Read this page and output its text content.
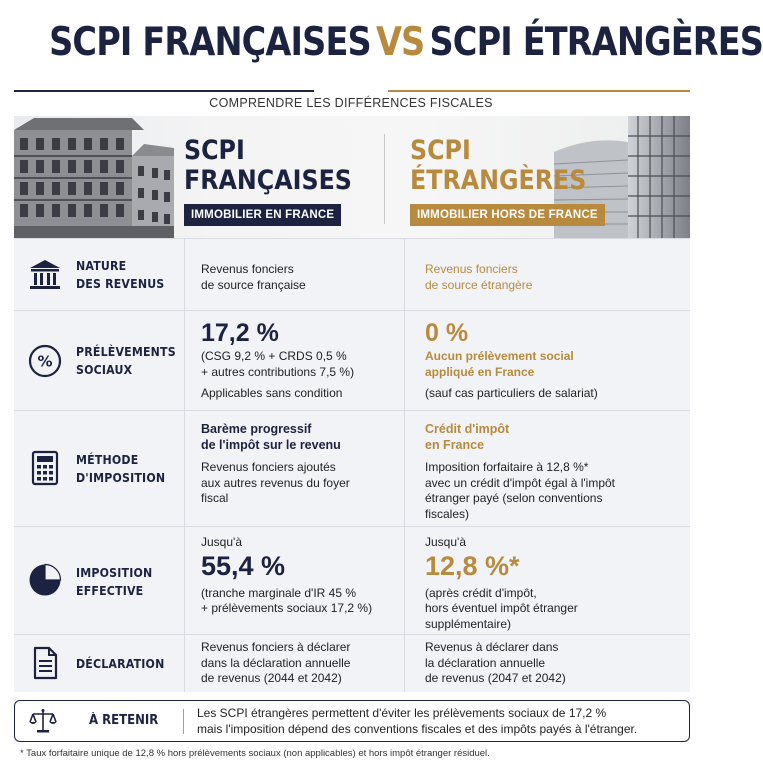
SCPI FRANÇAISES VS SCPI ÉTRANGÈRES
COMPRENDRE LES DIFFÉRENCES FISCALES
SCPI
FRANÇAISES
IMMOBILIER EN FRANCE
SCPI
ÉTRANGÈRES
IMMOBILIER HORS DE FRANCE
NATURE
DES REVENUS
Revenus fonciers
de source française
Revenus fonciers
de source étrangère
%
PRÉLÈVEMENTS
SOCIAUX
17,2 %
(CSG 9,2 % + CRDS 0,5 %
+ autres contributions 7,5 %)
Applicables sans condition
0 %
Aucun prélèvement social
appliqué en France
(sauf cas particuliers de salariat)
MÉTHODE
D'IMPOSITION
Barème progressif
de l'impôt sur le revenu
Revenus fonciers ajoutés
aux autres revenus du foyer
fiscal
Crédit d'impôt
en France
Imposition forfaitaire à 12,8 %*
avec un crédit d'impôt égal à l'impôt
étranger payé (selon conventions
fiscales)
IMPOSITION
EFFECTIVE
Jusqu'à
55,4 %
(tranche marginale d'IR 45 %
+ prélèvements sociaux 17,2 %)
Jusqu'à
12,8 %*
(après crédit d'impôt,
hors éventuel impôt étranger
supplémentaire)
DÉCLARATION
Revenus fonciers à déclarer
dans la déclaration annuelle
de revenus (2044 et 2042)
Revenus à déclarer dans
la déclaration annuelle
de revenus (2047 et 2042)
À RETENIR	Les SCPI étrangères permettent d'éviter les prélèvements sociaux de 17,2 %
mais l'imposition dépend des conventions fiscales et des impôts payés à l'étranger.
* Taux forfaitaire unique de 12,8 % hors prélèvements sociaux (non applicables) et hors impôt étranger résiduel.
